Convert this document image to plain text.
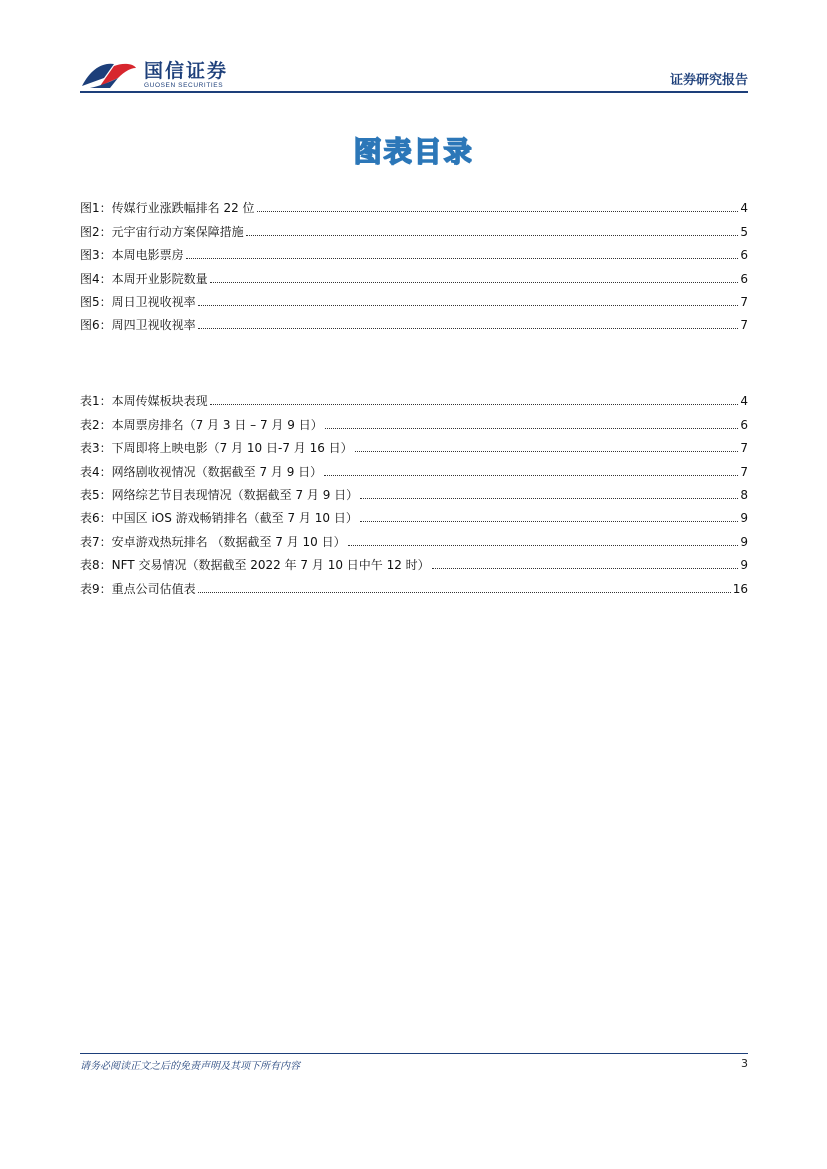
国信证券
GUOSEN SECURITIES	证券研究报告
图表目录
图1：传媒行业涨跌幅排名 22 位	4
图2：元宇宙行动方案保障措施	5
图3：本周电影票房	6
图4：本周开业影院数量	6
图5：周日卫视收视率	7
图6：周四卫视收视率	7
表1：本周传媒板块表现	4
表2：本周票房排名（7 月 3 日 – 7 月 9 日）	6
表3：下周即将上映电影（7 月 10 日-7 月 16 日）	7
表4：网络剧收视情况（数据截至 7 月 9 日）	7
表5：网络综艺节目表现情况（数据截至 7 月 9 日）	8
表6：中国区 iOS 游戏畅销排名（截至 7 月 10 日）	9
表7：安卓游戏热玩排名 （数据截至 7 月 10 日）	9
表8：NFT 交易情况（数据截至 2022 年 7 月 10 日中午 12 时）	9
表9：重点公司估值表	16
请务必阅读正文之后的免责声明及其项下所有内容	3
